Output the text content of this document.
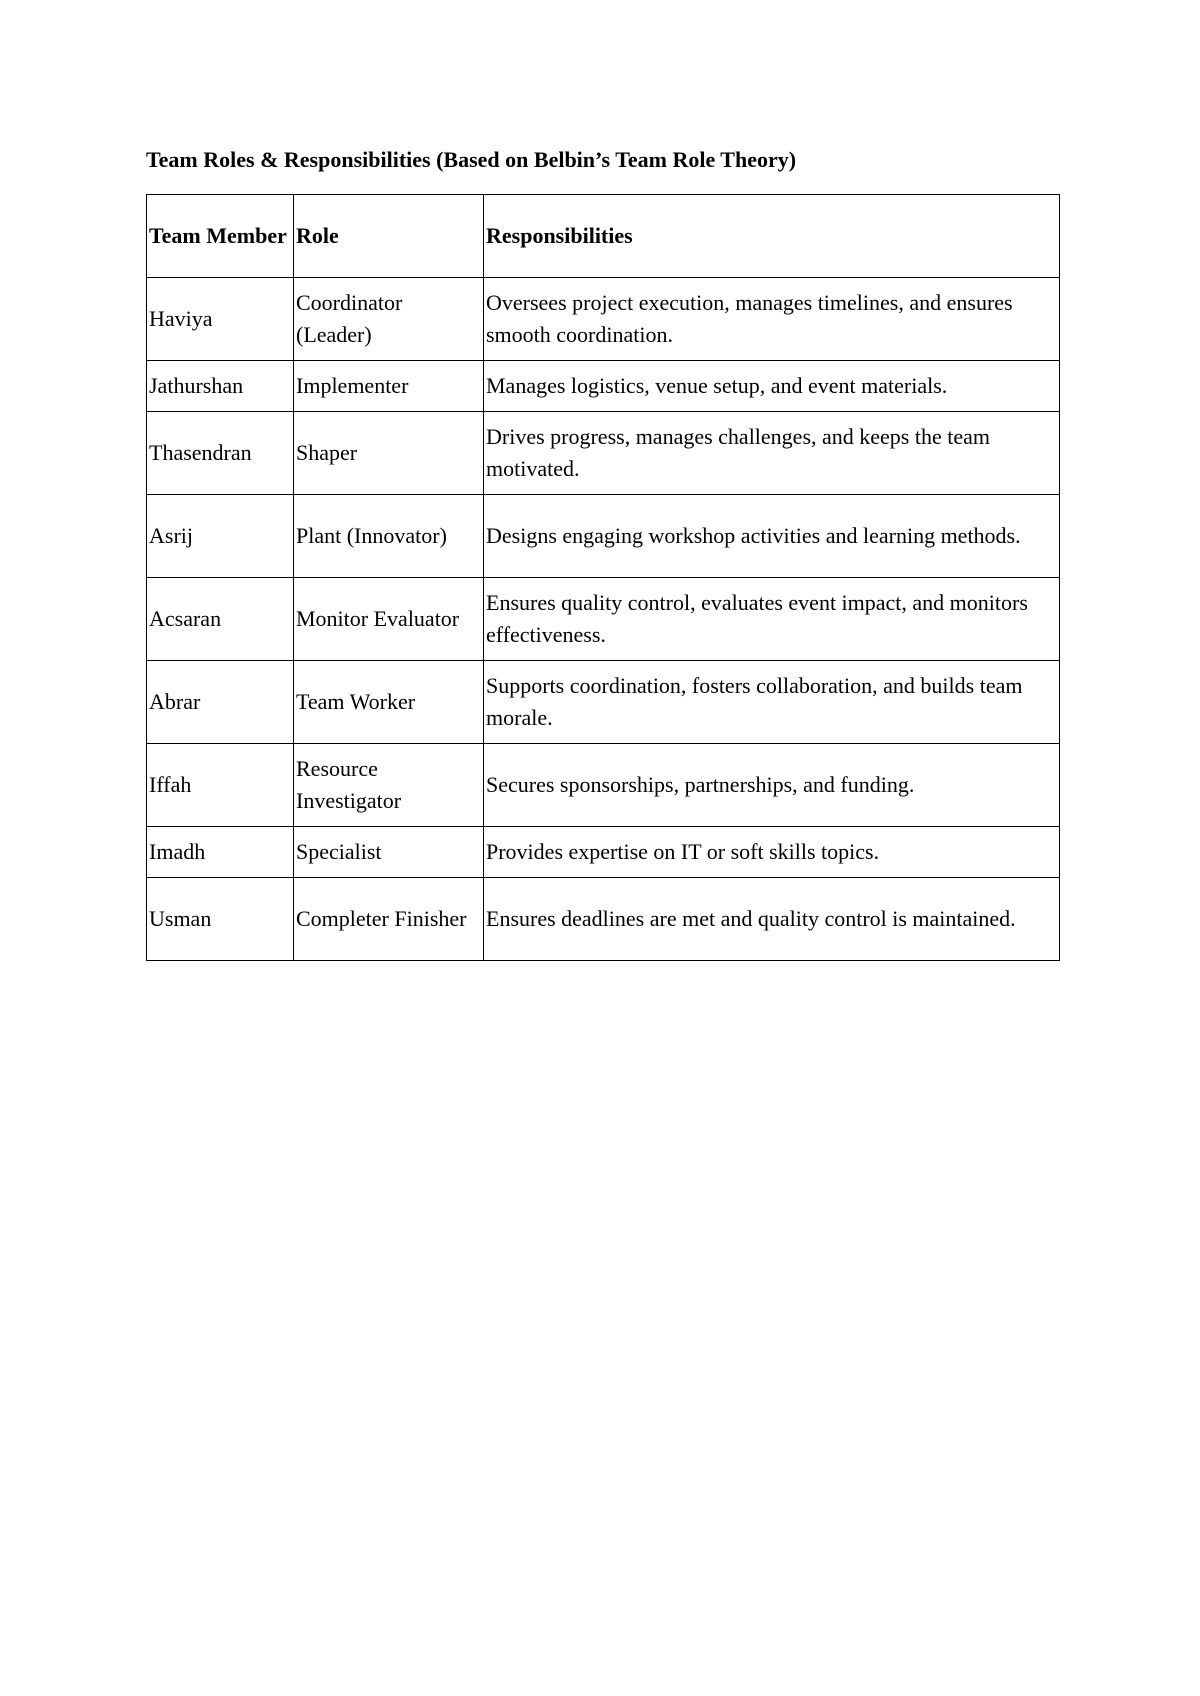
Team Roles & Responsibilities (Based on Belbin’s Team Role Theory)
Team Member	Role	Responsibilities
Haviya	Coordinator (Leader)	Oversees project execution, manages timelines, and ensures smooth coordination.
Jathurshan	Implementer	Manages logistics, venue setup, and event materials.
Thasendran	Shaper	Drives progress, manages challenges, and keeps the team motivated.
Asrij	Plant (Innovator)	Designs engaging workshop activities and learning methods.
Acsaran	Monitor Evaluator	Ensures quality control, evaluates event impact, and monitors effectiveness.
Abrar	Team Worker	Supports coordination, fosters collaboration, and builds team morale.
Iffah	Resource Investigator	Secures sponsorships, partnerships, and funding.
Imadh	Specialist	Provides expertise on IT or soft skills topics.
Usman	Completer Finisher	Ensures deadlines are met and quality control is maintained.
